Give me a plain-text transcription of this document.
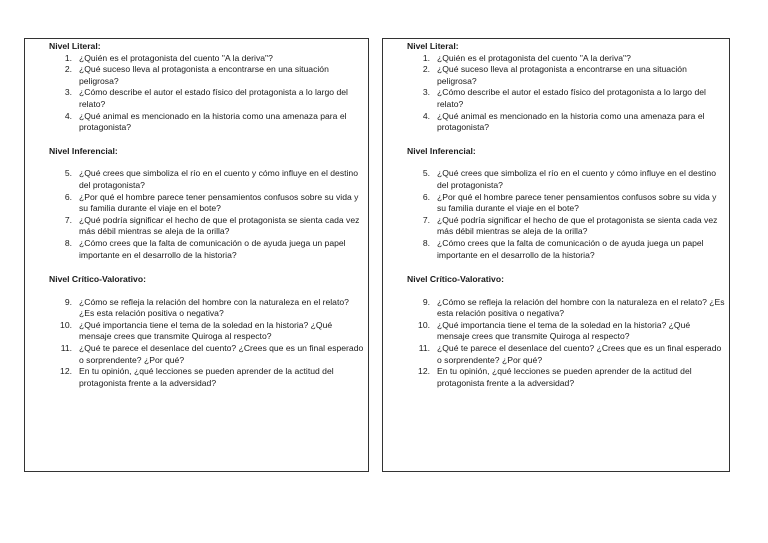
Nivel Literal:

1. ¿Quién es el protagonista del cuento "A la deriva"?
2. ¿Qué suceso lleva al protagonista a encontrarse en una situación peligrosa?
3. ¿Cómo describe el autor el estado físico del protagonista a lo largo del relato?
4. ¿Qué animal es mencionado en la historia como una amenaza para el protagonista?

Nivel Inferencial:

5. ¿Qué crees que simboliza el río en el cuento y cómo influye en el destino del protagonista?
6. ¿Por qué el hombre parece tener pensamientos confusos sobre su vida y su familia durante el viaje en el bote?
7. ¿Qué podría significar el hecho de que el protagonista se sienta cada vez más débil mientras se aleja de la orilla?
8. ¿Cómo crees que la falta de comunicación o de ayuda juega un papel importante en el desarrollo de la historia?

Nivel Crítico-Valorativo:

9. ¿Cómo se refleja la relación del hombre con la naturaleza en el relato? ¿Es esta relación positiva o negativa?
10. ¿Qué importancia tiene el tema de la soledad en la historia? ¿Qué mensaje crees que transmite Quiroga al respecto?
11. ¿Qué te parece el desenlace del cuento? ¿Crees que es un final esperado o sorprendente? ¿Por qué?
12. En tu opinión, ¿qué lecciones se pueden aprender de la actitud del protagonista frente a la adversidad?

Nivel Literal:

1. ¿Quién es el protagonista del cuento "A la deriva"?
2. ¿Qué suceso lleva al protagonista a encontrarse en una situación peligrosa?
3. ¿Cómo describe el autor el estado físico del protagonista a lo largo del relato?
4. ¿Qué animal es mencionado en la historia como una amenaza para el protagonista?

Nivel Inferencial:

5. ¿Qué crees que simboliza el río en el cuento y cómo influye en el destino del protagonista?
6. ¿Por qué el hombre parece tener pensamientos confusos sobre su vida y su familia durante el viaje en el bote?
7. ¿Qué podría significar el hecho de que el protagonista se sienta cada vez más débil mientras se aleja de la orilla?
8. ¿Cómo crees que la falta de comunicación o de ayuda juega un papel importante en el desarrollo de la historia?

Nivel Crítico-Valorativo:

9. ¿Cómo se refleja la relación del hombre con la naturaleza en el relato? ¿Es esta relación positiva o negativa?
10. ¿Qué importancia tiene el tema de la soledad en la historia? ¿Qué mensaje crees que transmite Quiroga al respecto?
11. ¿Qué te parece el desenlace del cuento? ¿Crees que es un final esperado o sorprendente? ¿Por qué?
12. En tu opinión, ¿qué lecciones se pueden aprender de la actitud del protagonista frente a la adversidad?
